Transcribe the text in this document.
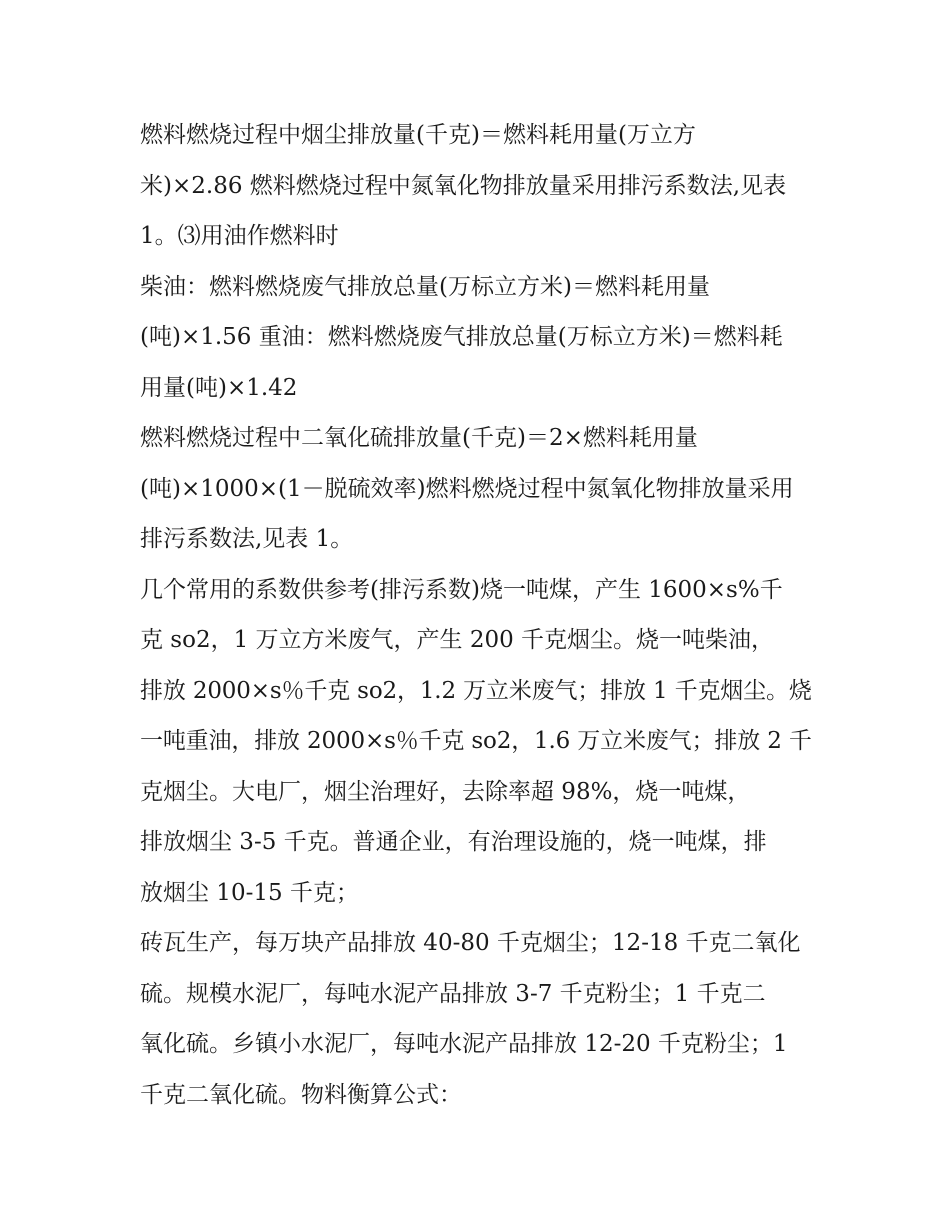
燃料燃烧过程中烟尘排放量(千克)＝燃料耗用量(万立方
米)×2.86 燃料燃烧过程中氮氧化物排放量采用排污系数法,见表
1。⑶用油作燃料时
柴油：燃料燃烧废气排放总量(万标立方米)＝燃料耗用量
(吨)×1.56 重油：燃料燃烧废气排放总量(万标立方米)＝燃料耗
用量(吨)×1.42
燃料燃烧过程中二氧化硫排放量(千克)＝2×燃料耗用量
(吨)×1000×(1－脱硫效率)燃料燃烧过程中氮氧化物排放量采用
排污系数法,见表 1。
几个常用的系数供参考(排污系数)烧一吨煤，产生 1600×s%千
克 so2，1 万立方米废气，产生 200 千克烟尘。烧一吨柴油，
排放 2000×s％千克 so2，1.2 万立米废气；排放 1 千克烟尘。烧
一吨重油，排放 2000×s％千克 so2，1.6 万立米废气；排放 2 千
克烟尘。大电厂，烟尘治理好，去除率超 98%，烧一吨煤，
排放烟尘 3-5 千克。普通企业，有治理设施的，烧一吨煤，排
放烟尘 10-15 千克；
砖瓦生产，每万块产品排放 40-80 千克烟尘；12-18 千克二氧化
硫。规模水泥厂，每吨水泥产品排放 3-7 千克粉尘；1 千克二
氧化硫。乡镇小水泥厂，每吨水泥产品排放 12-20 千克粉尘；1
千克二氧化硫。物料衡算公式：
